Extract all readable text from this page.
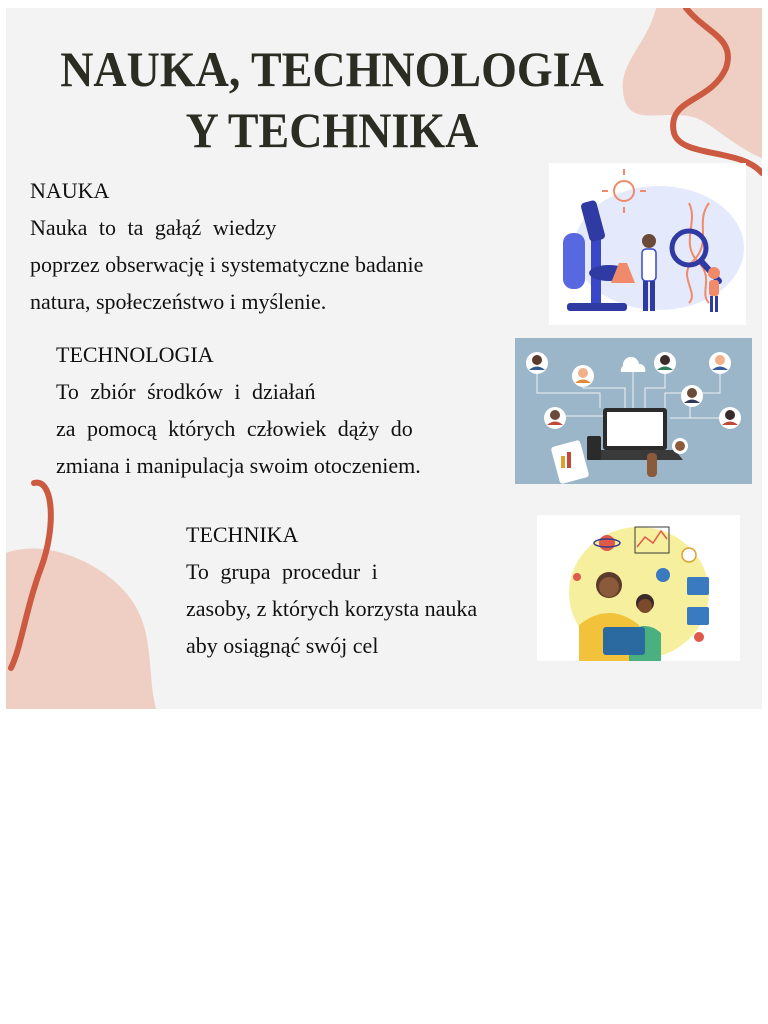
NAUKA, TECHNOLOGIA
Y TECHNIKA
NAUKA
Nauka to ta gałąź wiedzy
poprzez obserwację i systematyczne badanie
natura, społeczeństwo i myślenie.
TECHNOLOGIA
To zbiór środków i działań
za pomocą których człowiek dąży do
zmiana i manipulacja swoim otoczeniem.
TECHNIKA
To grupa procedur i
zasoby, z których korzysta nauka
aby osiągnąć swój cel
